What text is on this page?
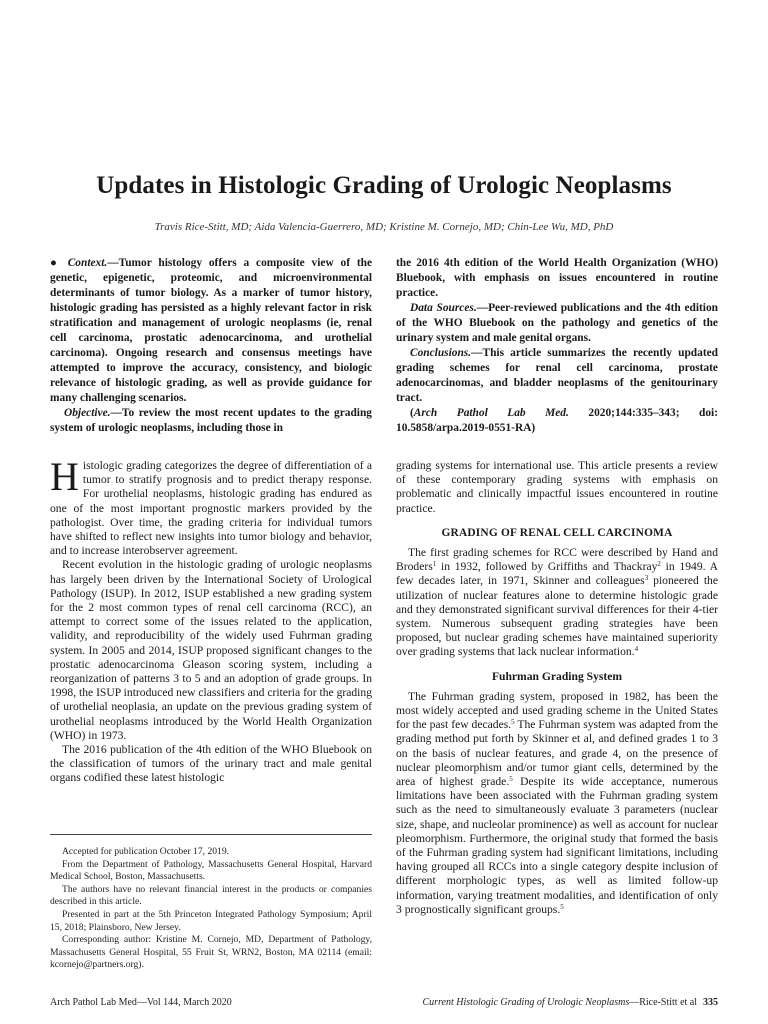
Updates in Histologic Grading of Urologic Neoplasms
Travis Rice-Stitt, MD; Aida Valencia-Guerrero, MD; Kristine M. Cornejo, MD; Chin-Lee Wu, MD, PhD

● Context.—Tumor histology offers a composite view of the genetic, epigenetic, proteomic, and microenvironmental determinants of tumor biology. As a marker of tumor history, histologic grading has persisted as a highly relevant factor in risk stratification and management of urologic neoplasms (ie, renal cell carcinoma, prostatic adenocarcinoma, and urothelial carcinoma). Ongoing research and consensus meetings have attempted to improve the accuracy, consistency, and biologic relevance of histologic grading, as well as provide guidance for many challenging scenarios.

Objective.—To review the most recent updates to the grading system of urologic neoplasms, including those in

the 2016 4th edition of the World Health Organization (WHO) Bluebook, with emphasis on issues encountered in routine practice.

Data Sources.—Peer-reviewed publications and the 4th edition of the WHO Bluebook on the pathology and genetics of the urinary system and male genital organs.

Conclusions.—This article summarizes the recently updated grading schemes for renal cell carcinoma, prostate adenocarcinomas, and bladder neoplasms of the genitourinary tract.

(Arch Pathol Lab Med. 2020;144:335–343; doi: 10.5858/arpa.2019-0551-RA)

Histologic grading categorizes the degree of differentiation of a tumor to stratify prognosis and to predict therapy response. For urothelial neoplasms, histologic grading has endured as one of the most important prognostic markers provided by the pathologist. Over time, the grading criteria for individual tumors have shifted to reflect new insights into tumor biology and behavior, and to increase interobserver agreement.

Recent evolution in the histologic grading of urologic neoplasms has largely been driven by the International Society of Urological Pathology (ISUP). In 2012, ISUP established a new grading system for the 2 most common types of renal cell carcinoma (RCC), an attempt to correct some of the issues related to the application, validity, and reproducibility of the widely used Fuhrman grading system. In 2005 and 2014, ISUP proposed significant changes to the prostatic adenocarcinoma Gleason scoring system, including a reorganization of patterns 3 to 5 and an adoption of grade groups. In 1998, the ISUP introduced new classifiers and criteria for the grading of urothelial neoplasia, an update on the previous grading system of urothelial neoplasms introduced by the World Health Organization (WHO) in 1973.

The 2016 publication of the 4th edition of the WHO Bluebook on the classification of tumors of the urinary tract and male genital organs codified these latest histologic

grading systems for international use. This article presents a review of these contemporary grading systems with emphasis on problematic and clinically impactful issues encountered in routine practice.

GRADING OF RENAL CELL CARCINOMA

The first grading schemes for RCC were described by Hand and Broders$^1$ in 1932, followed by Griffiths and Thackray$^2$ in 1949. A few decades later, in 1971, Skinner and colleagues$^3$ pioneered the utilization of nuclear features alone to determine histologic grade and they demonstrated significant survival differences for their 4-tier system. Numerous subsequent grading strategies have been proposed, but nuclear grading schemes have maintained superiority over grading systems that lack nuclear information.$^4$

Fuhrman Grading System

The Fuhrman grading system, proposed in 1982, has been the most widely accepted and used grading scheme in the United States for the past few decades.$^5$ The Fuhrman system was adapted from the grading method put forth by Skinner et al, and defined grades 1 to 3 on the basis of nuclear features, and grade 4, on the presence of nuclear pleomorphism and/or tumor giant cells, determined by the area of highest grade.$^5$ Despite its wide acceptance, numerous limitations have been associated with the Fuhrman grading system such as the need to simultaneously evaluate 3 parameters (nuclear size, shape, and nucleolar prominence) as well as account for nuclear pleomorphism. Furthermore, the original study that formed the basis of the Fuhrman grading system had significant limitations, including having grouped all RCCs into a single category despite inclusion of different morphologic types, as well as limited follow-up information, varying treatment modalities, and identification of only 3 prognostically significant groups.$^5$

Accepted for publication October 17, 2019.

From the Department of Pathology, Massachusetts General Hospital, Harvard Medical School, Boston, Massachusetts.

The authors have no relevant financial interest in the products or companies described in this article.

Presented in part at the 5th Princeton Integrated Pathology Symposium; April 15, 2018; Plainsboro, New Jersey.

Corresponding author: Kristine M. Cornejo, MD, Department of Pathology, Massachusetts General Hospital, 55 Fruit St, WRN2, Boston, MA 02114 (email: kcornejo@partners.org).

Arch Pathol Lab Med—Vol 144, March 2020	Current Histologic Grading of Urologic Neoplasms—Rice-Stitt et al 335
